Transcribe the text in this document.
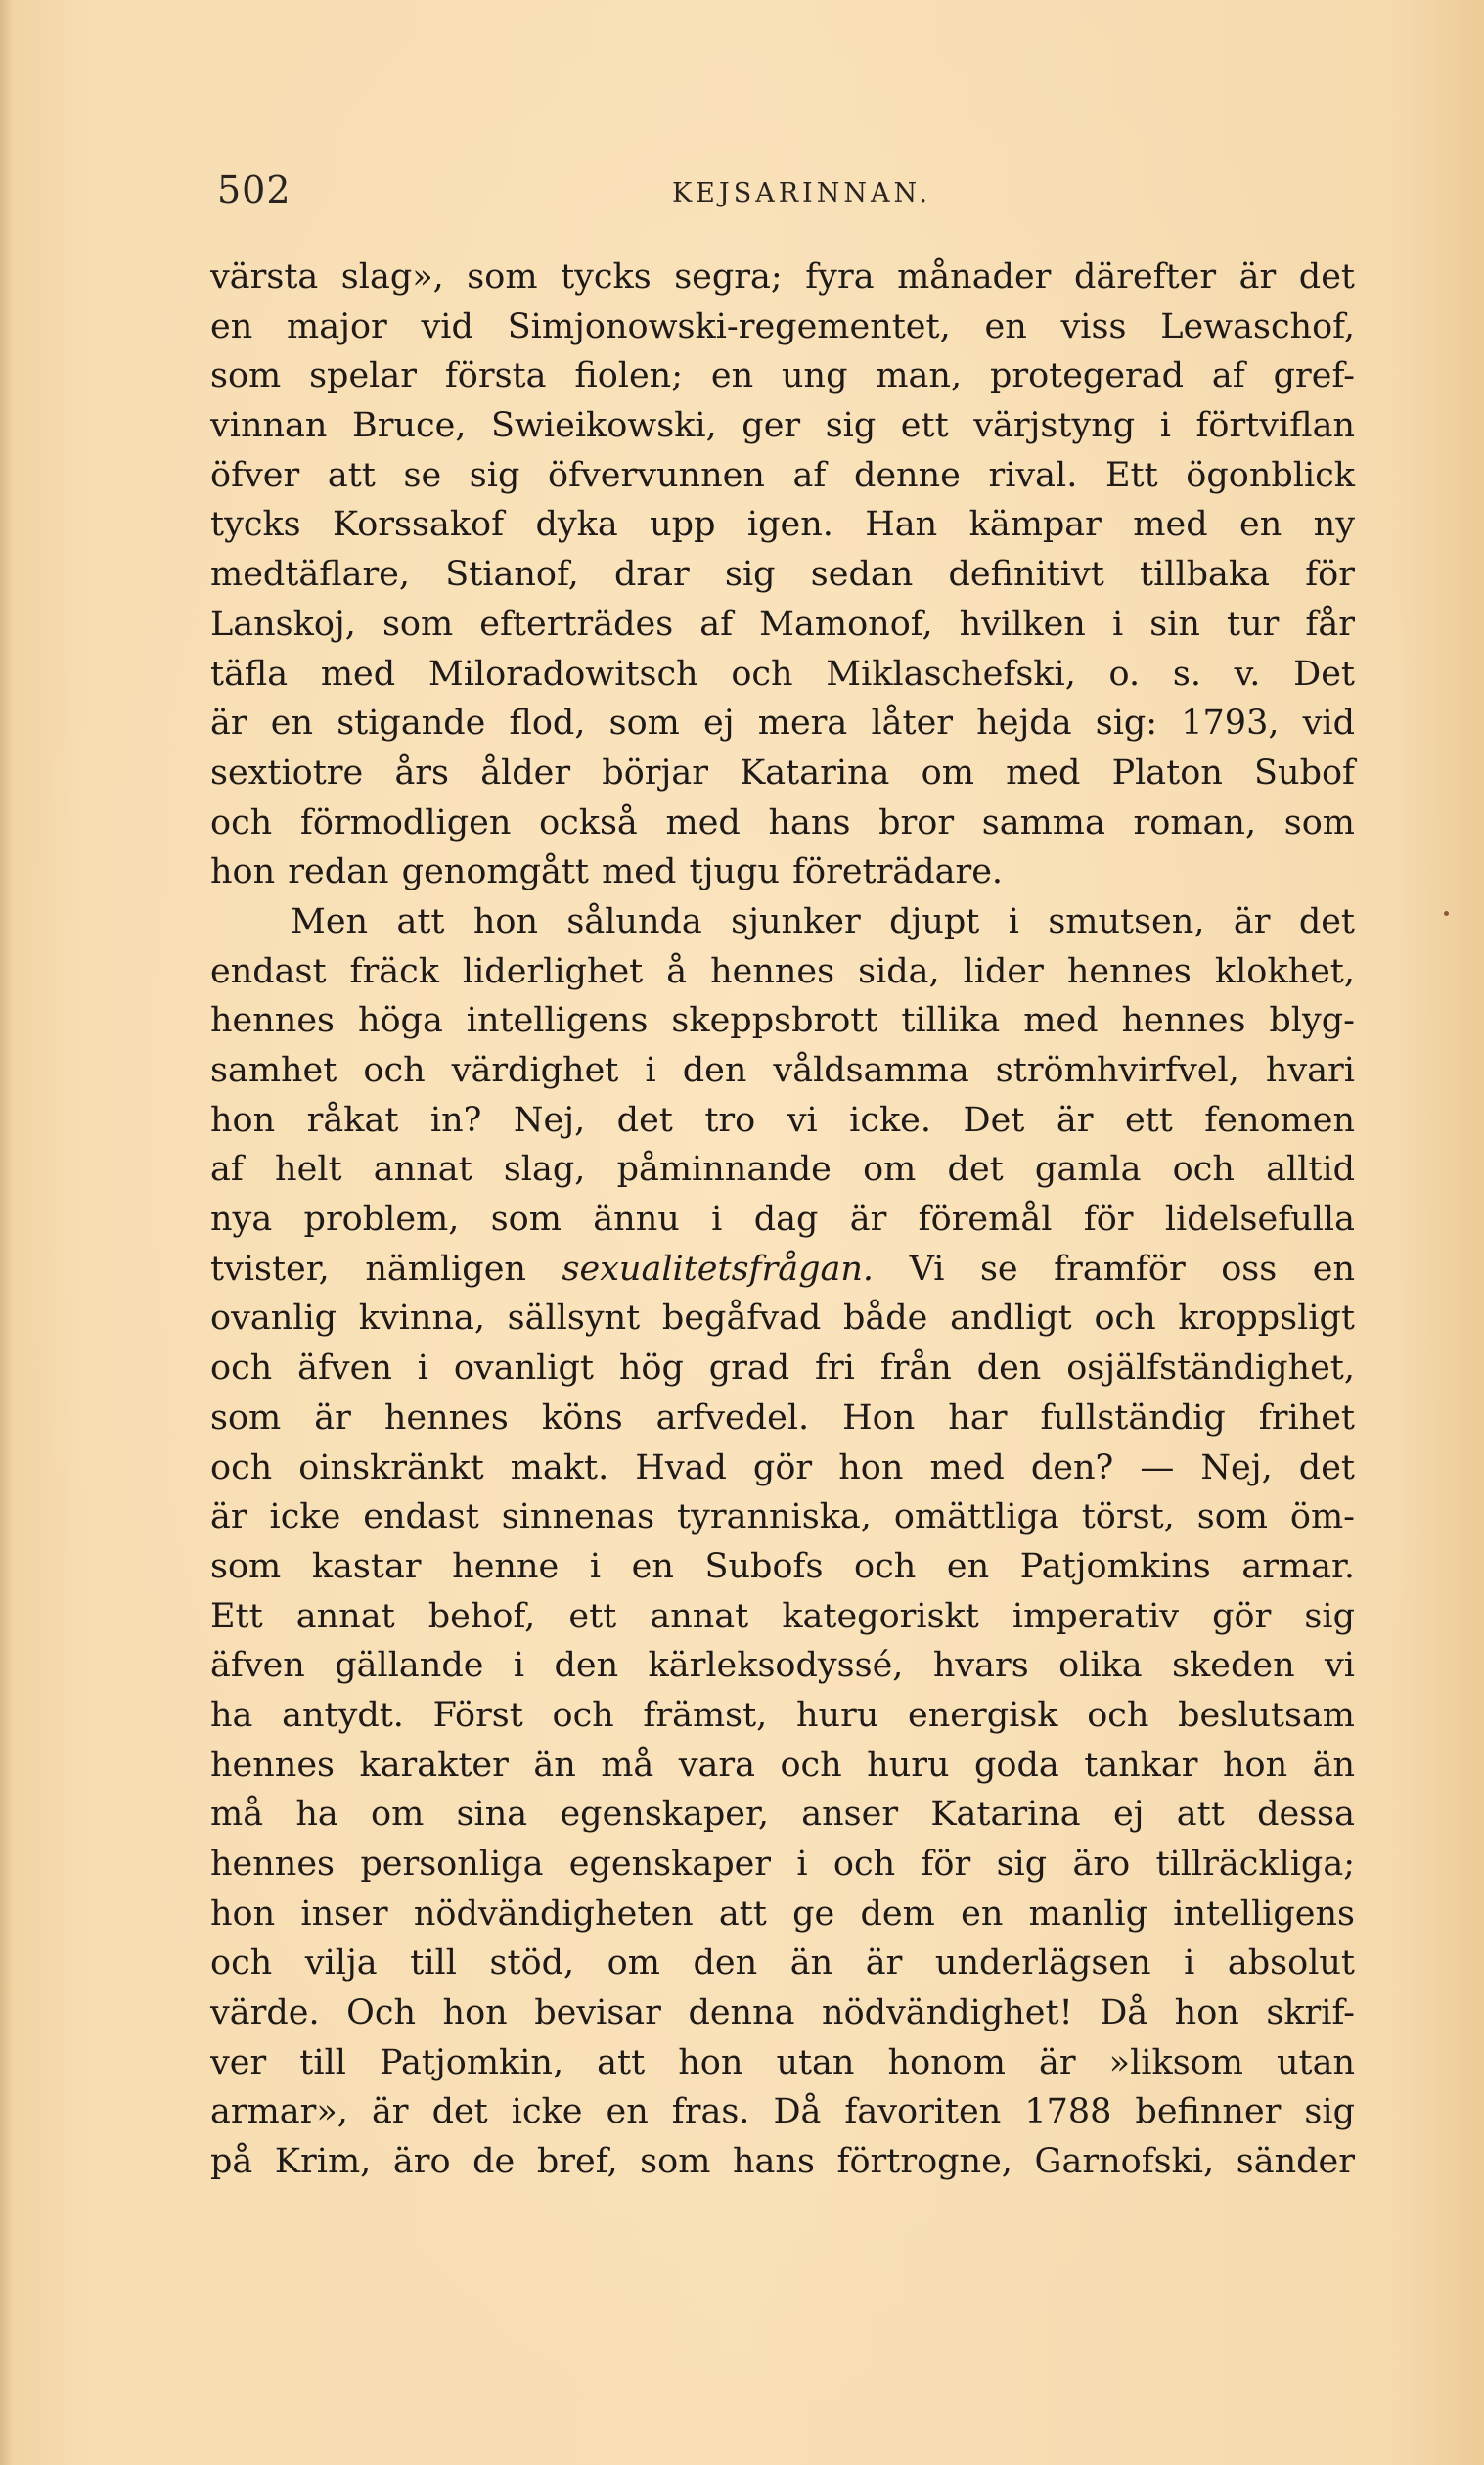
502	KEJSARINNAN.
värsta slag», som tycks segra; fyra månader därefter är det
en major vid Simjonowski-regementet, en viss Lewaschof,
som spelar första fiolen; en ung man, protegerad af gref-
vinnan Bruce, Swieikowski, ger sig ett värjstyng i förtviflan
öfver att se sig öfvervunnen af denne rival. Ett ögonblick
tycks Korssakof dyka upp igen. Han kämpar med en ny
medtäflare, Stianof, drar sig sedan definitivt tillbaka för
Lanskoj, som efterträdes af Mamonof, hvilken i sin tur får
täfla med Miloradowitsch och Miklaschefski, o. s. v. Det
är en stigande flod, som ej mera låter hejda sig: 1793, vid
sextiotre års ålder börjar Katarina om med Platon Subof
och förmodligen också med hans bror samma roman, som
hon redan genomgått med tjugu företrädare.
Men att hon sålunda sjunker djupt i smutsen, är det
endast fräck liderlighet å hennes sida, lider hennes klokhet,
hennes höga intelligens skeppsbrott tillika med hennes blyg-
samhet och värdighet i den våldsamma strömhvirfvel, hvari
hon råkat in? Nej, det tro vi icke. Det är ett fenomen
af helt annat slag, påminnande om det gamla och alltid
nya problem, som ännu i dag är föremål för lidelsefulla
tvister, nämligen sexualitetsfrågan. Vi se framför oss en
ovanlig kvinna, sällsynt begåfvad både andligt och kroppsligt
och äfven i ovanligt hög grad fri från den osjälfständighet,
som är hennes köns arfvedel. Hon har fullständig frihet
och oinskränkt makt. Hvad gör hon med den? — Nej, det
är icke endast sinnenas tyranniska, omättliga törst, som öm-
som kastar henne i en Subofs och en Patjomkins armar.
Ett annat behof, ett annat kategoriskt imperativ gör sig
äfven gällande i den kärleksodyssé, hvars olika skeden vi
ha antydt. Först och främst, huru energisk och beslutsam
hennes karakter än må vara och huru goda tankar hon än
må ha om sina egenskaper, anser Katarina ej att dessa
hennes personliga egenskaper i och för sig äro tillräckliga;
hon inser nödvändigheten att ge dem en manlig intelligens
och vilja till stöd, om den än är underlägsen i absolut
värde. Och hon bevisar denna nödvändighet! Då hon skrif-
ver till Patjomkin, att hon utan honom är »liksom utan
armar», är det icke en fras. Då favoriten 1788 befinner sig
på Krim, äro de bref, som hans förtrogne, Garnofski, sänder
